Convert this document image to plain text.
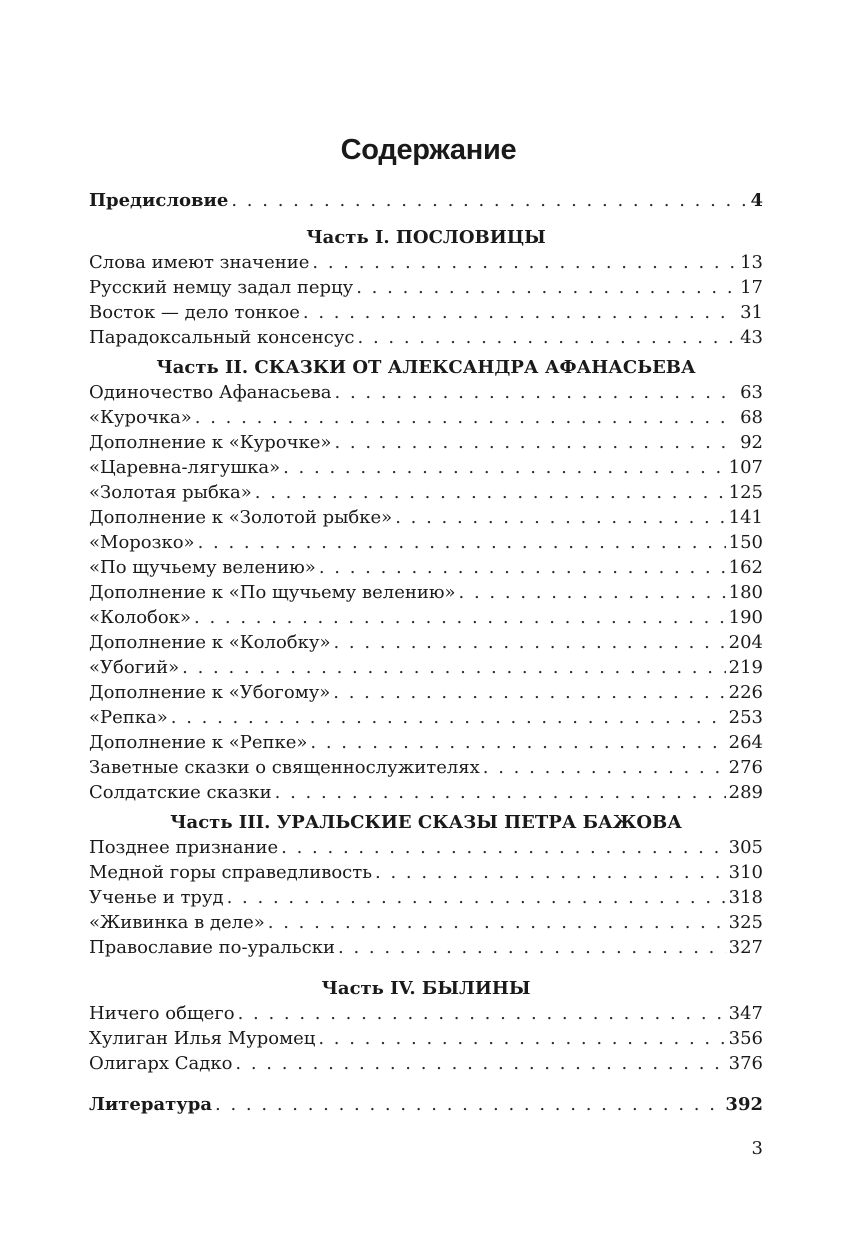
Содержание
Предисловие . . .	4
Часть I. ПОСЛОВИЦЫ
Слова имеют значение . . .	13
Русский немцу задал перцу . . .	17
Восток — дело тонкое . . .	31
Парадоксальный консенсус . . .	43
Часть II. СКАЗКИ ОТ АЛЕКСАНДРА АФАНАСЬЕВА
Одиночество Афанасьева . . .	63
«Курочка» . . .	68
Дополнение к «Курочке» . . .	92
«Царевна-лягушка» . . .	107
«Золотая рыбка» . . .	125
Дополнение к «Золотой рыбке» . . .	141
«Морозко» . . .	150
«По щучьему велению» . . .	162
Дополнение к «По щучьему велению» . . .	180
«Колобок» . . .	190
Дополнение к «Колобку» . . .	204
«Убогий» . . .	219
Дополнение к «Убогому» . . .	226
«Репка» . . .	253
Дополнение к «Репке» . . .	264
Заветные сказки о священнослужителях . . .	276
Солдатские сказки . . .	289
Часть III. УРАЛЬСКИЕ СКАЗЫ ПЕТРА БАЖОВА
Позднее признание . . .	305
Медной горы справедливость . . .	310
Ученье и труд . . .	318
«Живинка в деле» . . .	325
Православие по-уральски . . .	327
Часть IV. БЫЛИНЫ
Ничего общего . . .	347
Хулиган Илья Муромец . . .	356
Олигарх Садко . . .	376
Литература . . .	392
3
